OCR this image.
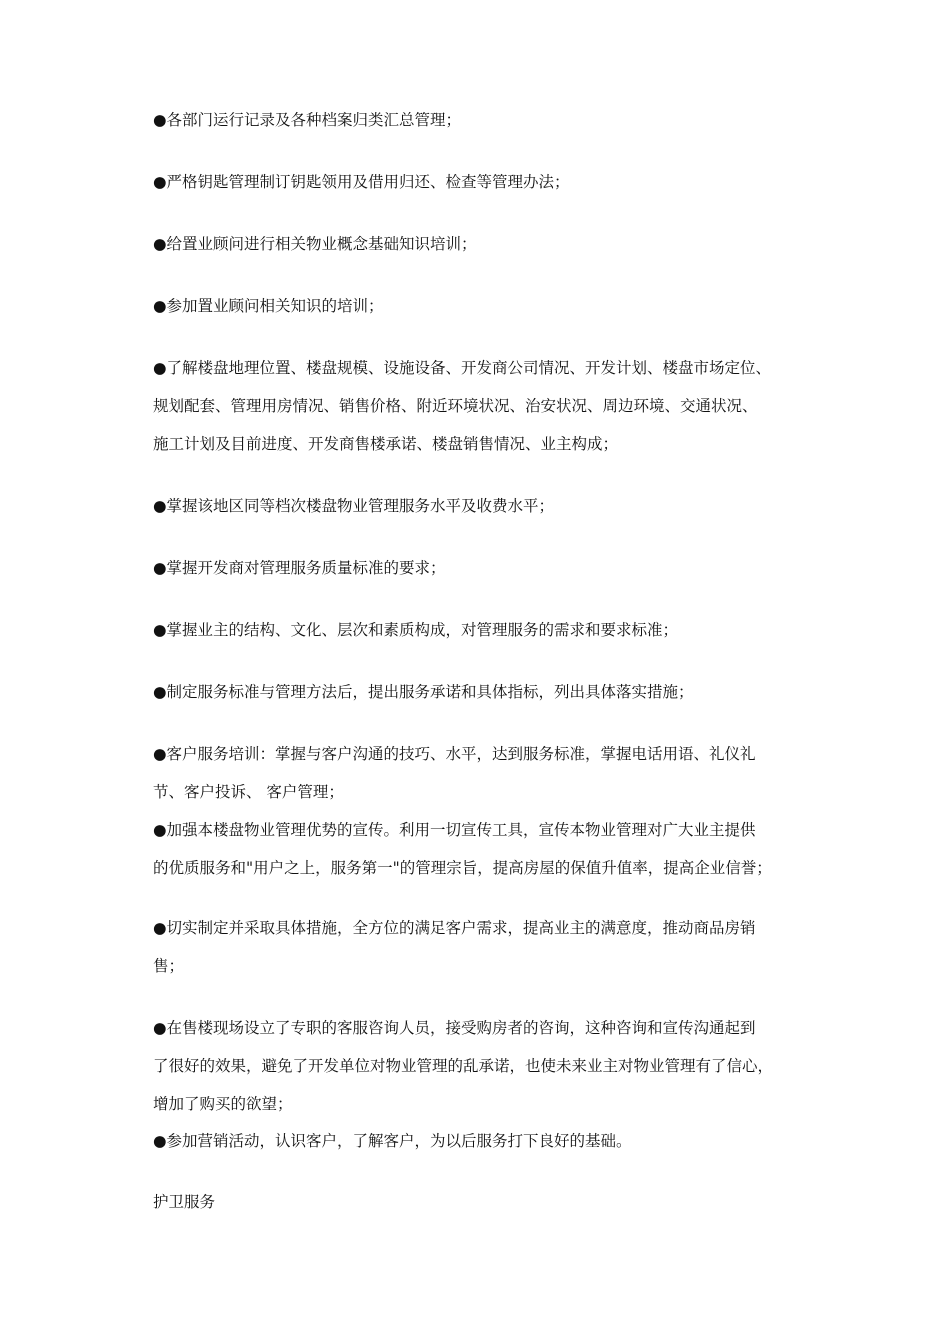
●各部门运行记录及各种档案归类汇总管理；
●严格钥匙管理制订钥匙领用及借用归还、检查等管理办法；
●给置业顾问进行相关物业概念基础知识培训；
●参加置业顾问相关知识的培训；
●了解楼盘地理位置、楼盘规模、设施设备、开发商公司情况、开发计划、楼盘市场定位、
规划配套、管理用房情况、销售价格、附近环境状况、治安状况、周边环境、交通状况、
施工计划及目前进度、开发商售楼承诺、楼盘销售情况、业主构成；
●掌握该地区同等档次楼盘物业管理服务水平及收费水平；
●掌握开发商对管理服务质量标准的要求；
●掌握业主的结构、文化、层次和素质构成，对管理服务的需求和要求标准；
●制定服务标准与管理方法后，提出服务承诺和具体指标，列出具体落实措施；
●客户服务培训：掌握与客户沟通的技巧、水平，达到服务标准，掌握电话用语、礼仪礼
节、客户投诉、 客户管理；
●加强本楼盘物业管理优势的宣传。利用一切宣传工具，宣传本物业管理对广大业主提供
的优质服务和"用户之上，服务第一"的管理宗旨，提高房屋的保值升值率，提高企业信誉；
●切实制定并采取具体措施，全方位的满足客户需求，提高业主的满意度，推动商品房销
售；
●在售楼现场设立了专职的客服咨询人员，接受购房者的咨询，这种咨询和宣传沟通起到
了很好的效果，避免了开发单位对物业管理的乱承诺，也使未来业主对物业管理有了信心，
增加了购买的欲望；
●参加营销活动，认识客户，了解客户，为以后服务打下良好的基础。
护卫服务
